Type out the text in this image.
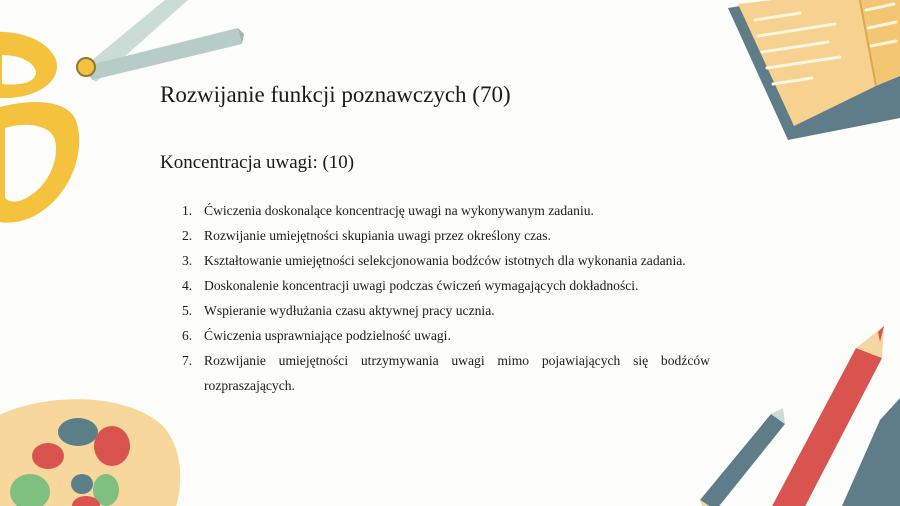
Rozwijanie funkcji poznawczych (70)
Koncentracja uwagi: (10)
1. Ćwiczenia doskonalące koncentrację uwagi na wykonywanym zadaniu.
2. Rozwijanie umiejętności skupiania uwagi przez określony czas.
3. Kształtowanie umiejętności selekcjonowania bodźców istotnych dla wykonania zadania.
4. Doskonalenie koncentracji uwagi podczas ćwiczeń wymagających dokładności.
5. Wspieranie wydłużania czasu aktywnej pracy ucznia.
6. Ćwiczenia usprawniające podzielność uwagi.
7. Rozwijanie umiejętności utrzymywania uwagi mimo pojawiających się bodźców rozpraszających.
